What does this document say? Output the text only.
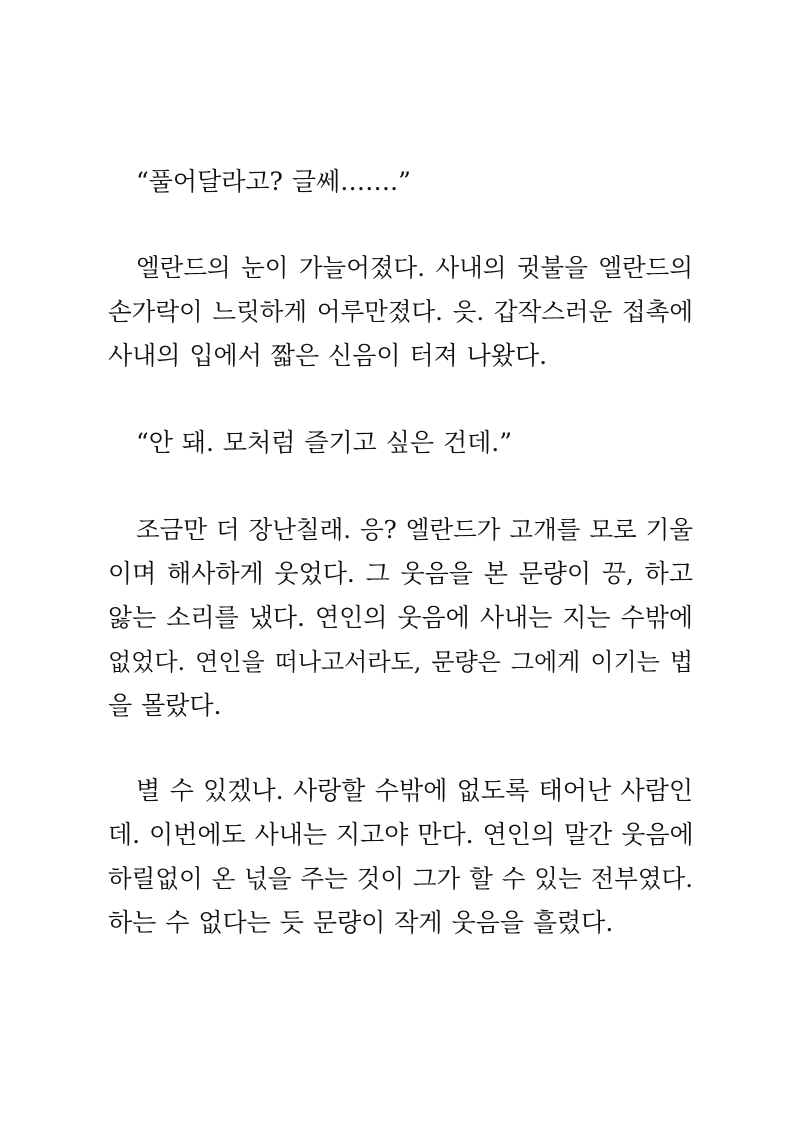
“풀어달라고? 글쎄…….”
엘란드의 눈이 가늘어졌다. 사내의 귓불을 엘란드의
손가락이 느릿하게 어루만졌다. 읏. 갑작스러운 접촉에
사내의 입에서 짧은 신음이 터져 나왔다.
“안 돼. 모처럼 즐기고 싶은 건데.”
조금만 더 장난칠래. 응? 엘란드가 고개를 모로 기울
이며 해사하게 웃었다. 그 웃음을 본 문량이 끙, 하고
앓는 소리를 냈다. 연인의 웃음에 사내는 지는 수밖에
없었다. 연인을 떠나고서라도, 문량은 그에게 이기는 법
을 몰랐다.
별 수 있겠나. 사랑할 수밖에 없도록 태어난 사람인
데. 이번에도 사내는 지고야 만다. 연인의 말간 웃음에
하릴없이 온 넋을 주는 것이 그가 할 수 있는 전부였다.
하는 수 없다는 듯 문량이 작게 웃음을 흘렸다.
